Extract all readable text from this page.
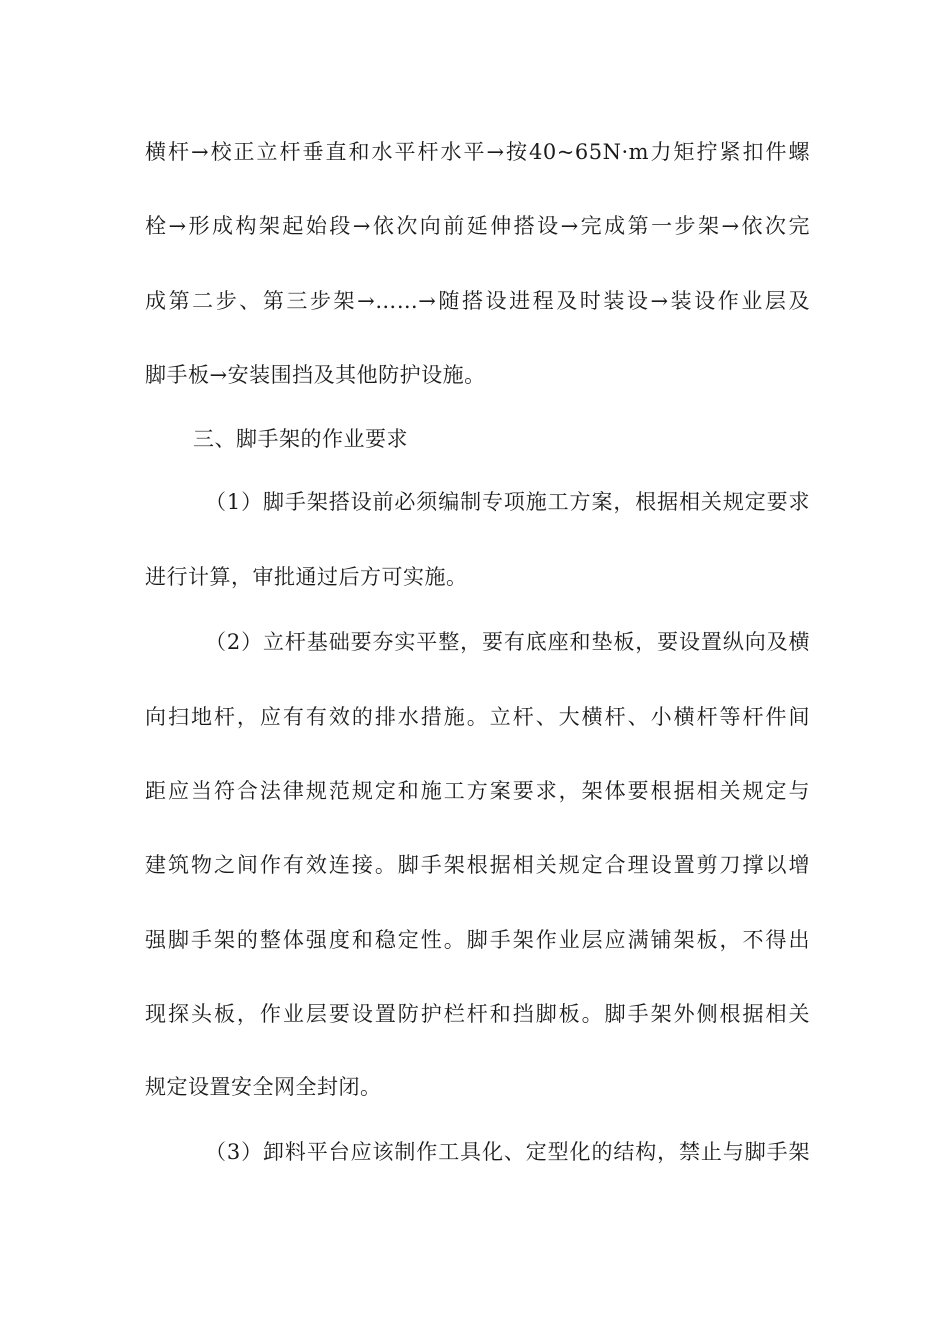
横杆→校正立杆垂直和水平杆水平→按40~65N·m力矩拧紧扣件螺
栓→形成构架起始段→依次向前延伸搭设→完成第一步架→依次完
成第二步、第三步架→……→随搭设进程及时装设→装设作业层及
脚手板→安装围挡及其他防护设施。
三、脚手架的作业要求
（1）脚手架搭设前必须编制专项施工方案，根据相关规定要求
进行计算，审批通过后方可实施。
（2）立杆基础要夯实平整，要有底座和垫板，要设置纵向及横
向扫地杆，应有有效的排水措施。立杆、大横杆、小横杆等杆件间
距应当符合法律规范规定和施工方案要求，架体要根据相关规定与
建筑物之间作有效连接。脚手架根据相关规定合理设置剪刀撑以增
强脚手架的整体强度和稳定性。脚手架作业层应满铺架板，不得出
现探头板，作业层要设置防护栏杆和挡脚板。脚手架外侧根据相关
规定设置安全网全封闭。
（3）卸料平台应该制作工具化、定型化的结构，禁止与脚手架
